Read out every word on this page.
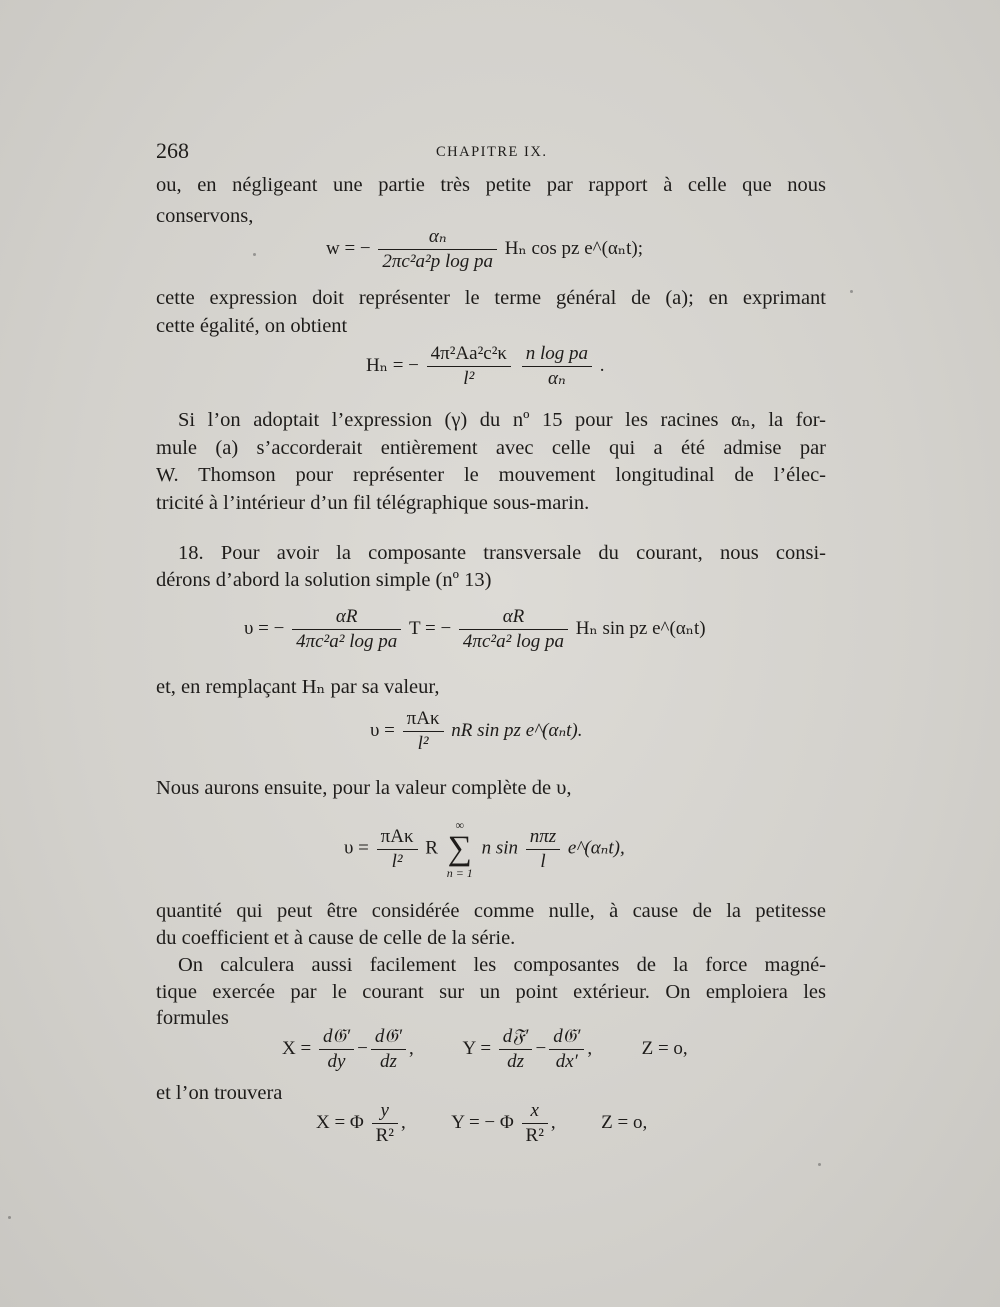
268	CHAPITRE IX.
ou, en négligeant une partie très petite par rapport à celle que nous
conservons,
w = − $\frac{\text{αₙ}}{\text{2πc²a²p log pa}}$ Hₙ cos pz e^(αₙt);
cette expression doit représenter le terme général de (a); en exprimant
cette égalité, on obtient
Hₙ = − $\frac{\text{4π²Aa²c²κ}}{\text{l²}}$
$\frac{\text{n log pa}}{\text{αₙ}}$ .
Si l’on adoptait l’expression (γ) du nº 15 pour les racines αₙ, la for-
mule (a) s’accorderait entièrement avec celle qui a été admise par
W. Thomson pour représenter le mouvement longitudinal de l’élec-
tricité à l’intérieur d’un fil télégraphique sous-marin.
18. Pour avoir la composante transversale du courant, nous consi-
dérons d’abord la solution simple (nº 13)
υ = − $\frac{\alpha R}{\text{4πc²a² log pa}}$ T = − $\frac{\alpha R}{\text{4πc²a² log pa}}$ Hₙ sin pz e^(αₙt)
et, en remplaçant Hₙ par sa valeur,
$\upsilon = \frac{\text{πAκ}}{\text{l²}}$ nR sin pz e^(αₙt).
Nous aurons ensuite, pour la valeur complète de υ,
$\upsilon = \frac{\text{πAκ}}{\text{l²}}$ R
∞
∑
n = 1
n $\sin \frac{\text{nπz}}{l}$ e^(αₙt),
quantité qui peut être considérée comme nulle, à cause de la petitesse
du coefficient et à cause de celle de la série.
On calculera aussi facilement les composantes de la force magné-
tique exercée par le courant sur un point extérieur. On emploiera les
formules
$X = \frac{\text{d𝔊′}}{dy} - \frac{\text{d𝔊′}}{dz}$ ,  $Y = \frac{\text{d𝔉′}}{dz} - \frac{\text{d𝔊′}}{dx'}$ ,  Z = o,
et l’on trouvera
X = Φ $\frac{y}{\text{R²}}$ ,  Y = − Φ $\frac{x}{\text{R²}}$ ,  Z = o,
